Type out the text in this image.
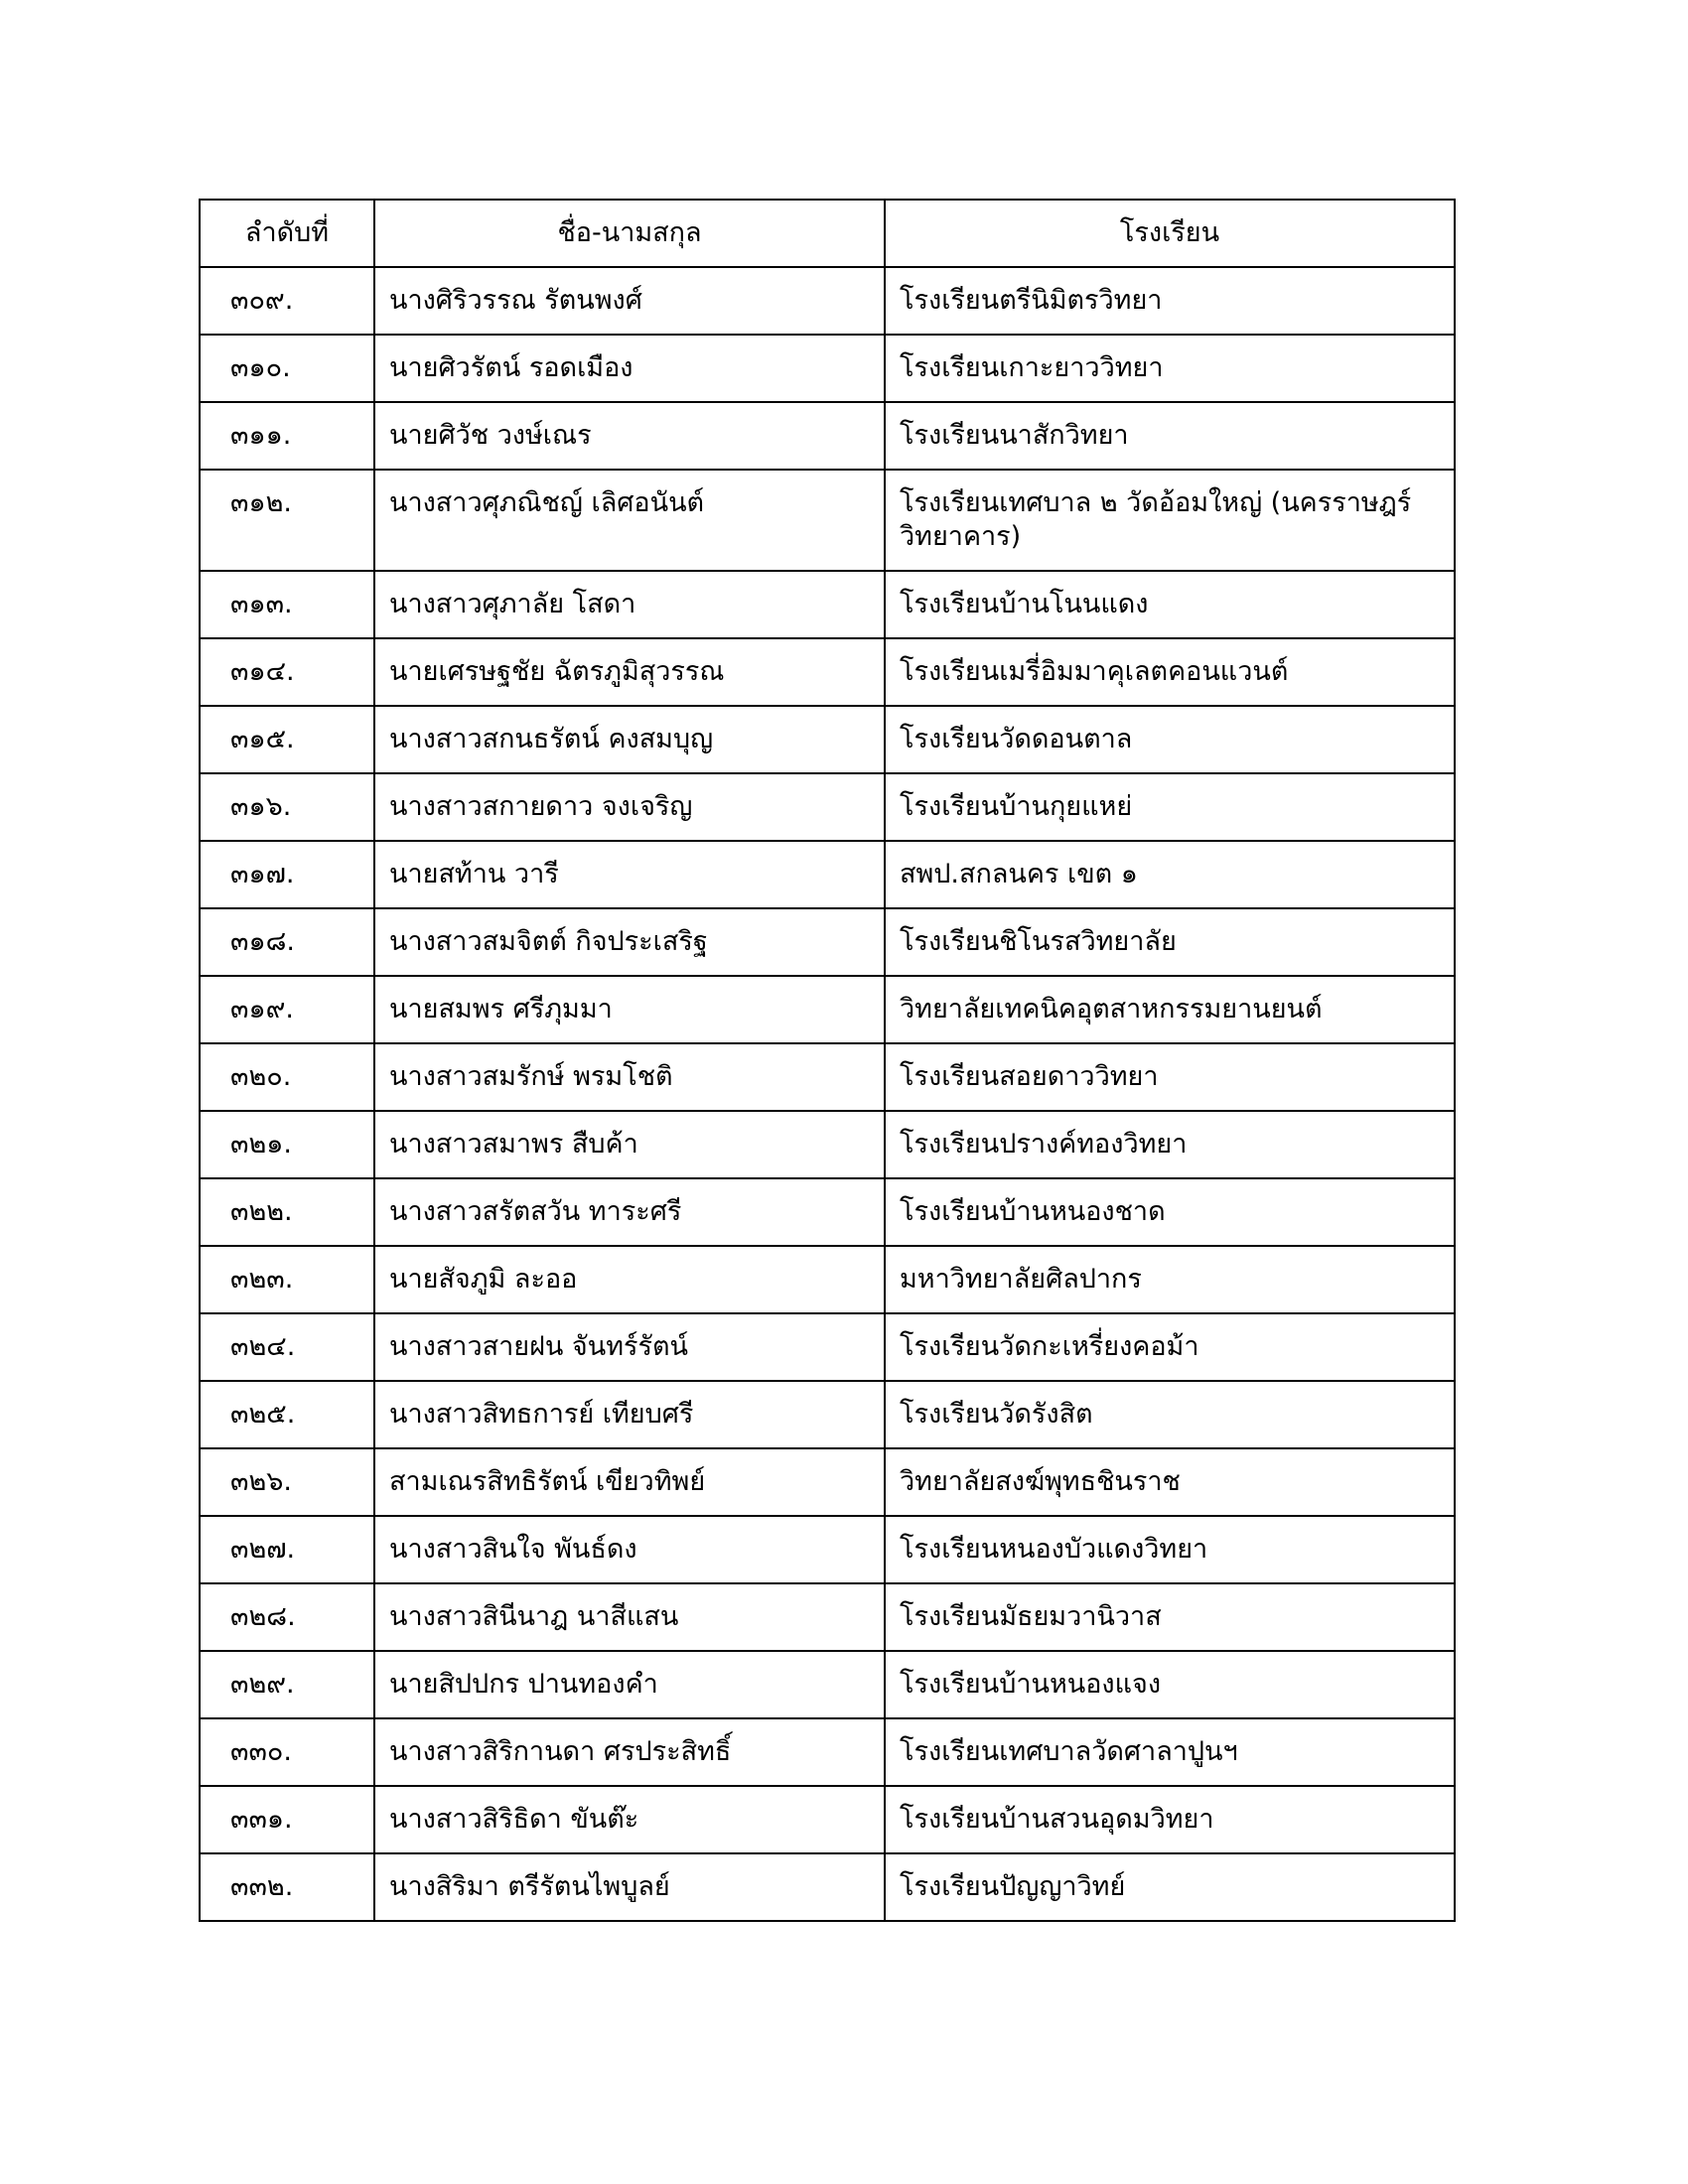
ลำดับที่	ชื่อ-นามสกุล	โรงเรียน
๓๐๙.	นางศิริวรรณ รัตนพงศ์	โรงเรียนตรีนิมิตรวิทยา
๓๑๐.	นายศิวรัตน์ รอดเมือง	โรงเรียนเกาะยาววิทยา
๓๑๑.	นายศิวัช วงษ์เณร	โรงเรียนนาสักวิทยา
๓๑๒.	นางสาวศุภณิชญ์ เลิศอนันต์	โรงเรียนเทศบาล ๒ วัดอ้อมใหญ่ (นครราษฎร์วิทยาคาร)
๓๑๓.	นางสาวศุภาลัย โสดา	โรงเรียนบ้านโนนแดง
๓๑๔.	นายเศรษฐชัย ฉัตรภูมิสุวรรณ	โรงเรียนเมรี่อิมมาคุเลตคอนแวนต์
๓๑๕.	นางสาวสกนธรัตน์ คงสมบุญ	โรงเรียนวัดดอนตาล
๓๑๖.	นางสาวสกายดาว จงเจริญ	โรงเรียนบ้านกุยแหย่
๓๑๗.	นายสท้าน วารี	สพป.สกลนคร เขต ๑
๓๑๘.	นางสาวสมจิตต์ กิจประเสริฐ	โรงเรียนชิโนรสวิทยาลัย
๓๑๙.	นายสมพร ศรีภุมมา	วิทยาลัยเทคนิคอุตสาหกรรมยานยนต์
๓๒๐.	นางสาวสมรักษ์ พรมโชติ	โรงเรียนสอยดาววิทยา
๓๒๑.	นางสาวสมาพร สืบค้า	โรงเรียนปรางค์ทองวิทยา
๓๒๒.	นางสาวสรัตสวัน ทาระศรี	โรงเรียนบ้านหนองชาด
๓๒๓.	นายสัจภูมิ ละออ	มหาวิทยาลัยศิลปากร
๓๒๔.	นางสาวสายฝน จันทร์รัตน์	โรงเรียนวัดกะเหรี่ยงคอม้า
๓๒๕.	นางสาวสิทธการย์ เทียบศรี	โรงเรียนวัดรังสิต
๓๒๖.	สามเณรสิทธิรัตน์ เขียวทิพย์	วิทยาลัยสงฆ์พุทธชินราช
๓๒๗.	นางสาวสินใจ พันธ์ดง	โรงเรียนหนองบัวแดงวิทยา
๓๒๘.	นางสาวสินีนาฎ นาสีแสน	โรงเรียนมัธยมวานิวาส
๓๒๙.	นายสิปปกร ปานทองคำ	โรงเรียนบ้านหนองแจง
๓๓๐.	นางสาวสิริกานดา ศรประสิทธิ์	โรงเรียนเทศบาลวัดศาลาปูนฯ
๓๓๑.	นางสาวสิริธิดา ขันต๊ะ	โรงเรียนบ้านสวนอุดมวิทยา
๓๓๒.	นางสิริมา ตรีรัตนไพบูลย์	โรงเรียนปัญญาวิทย์
